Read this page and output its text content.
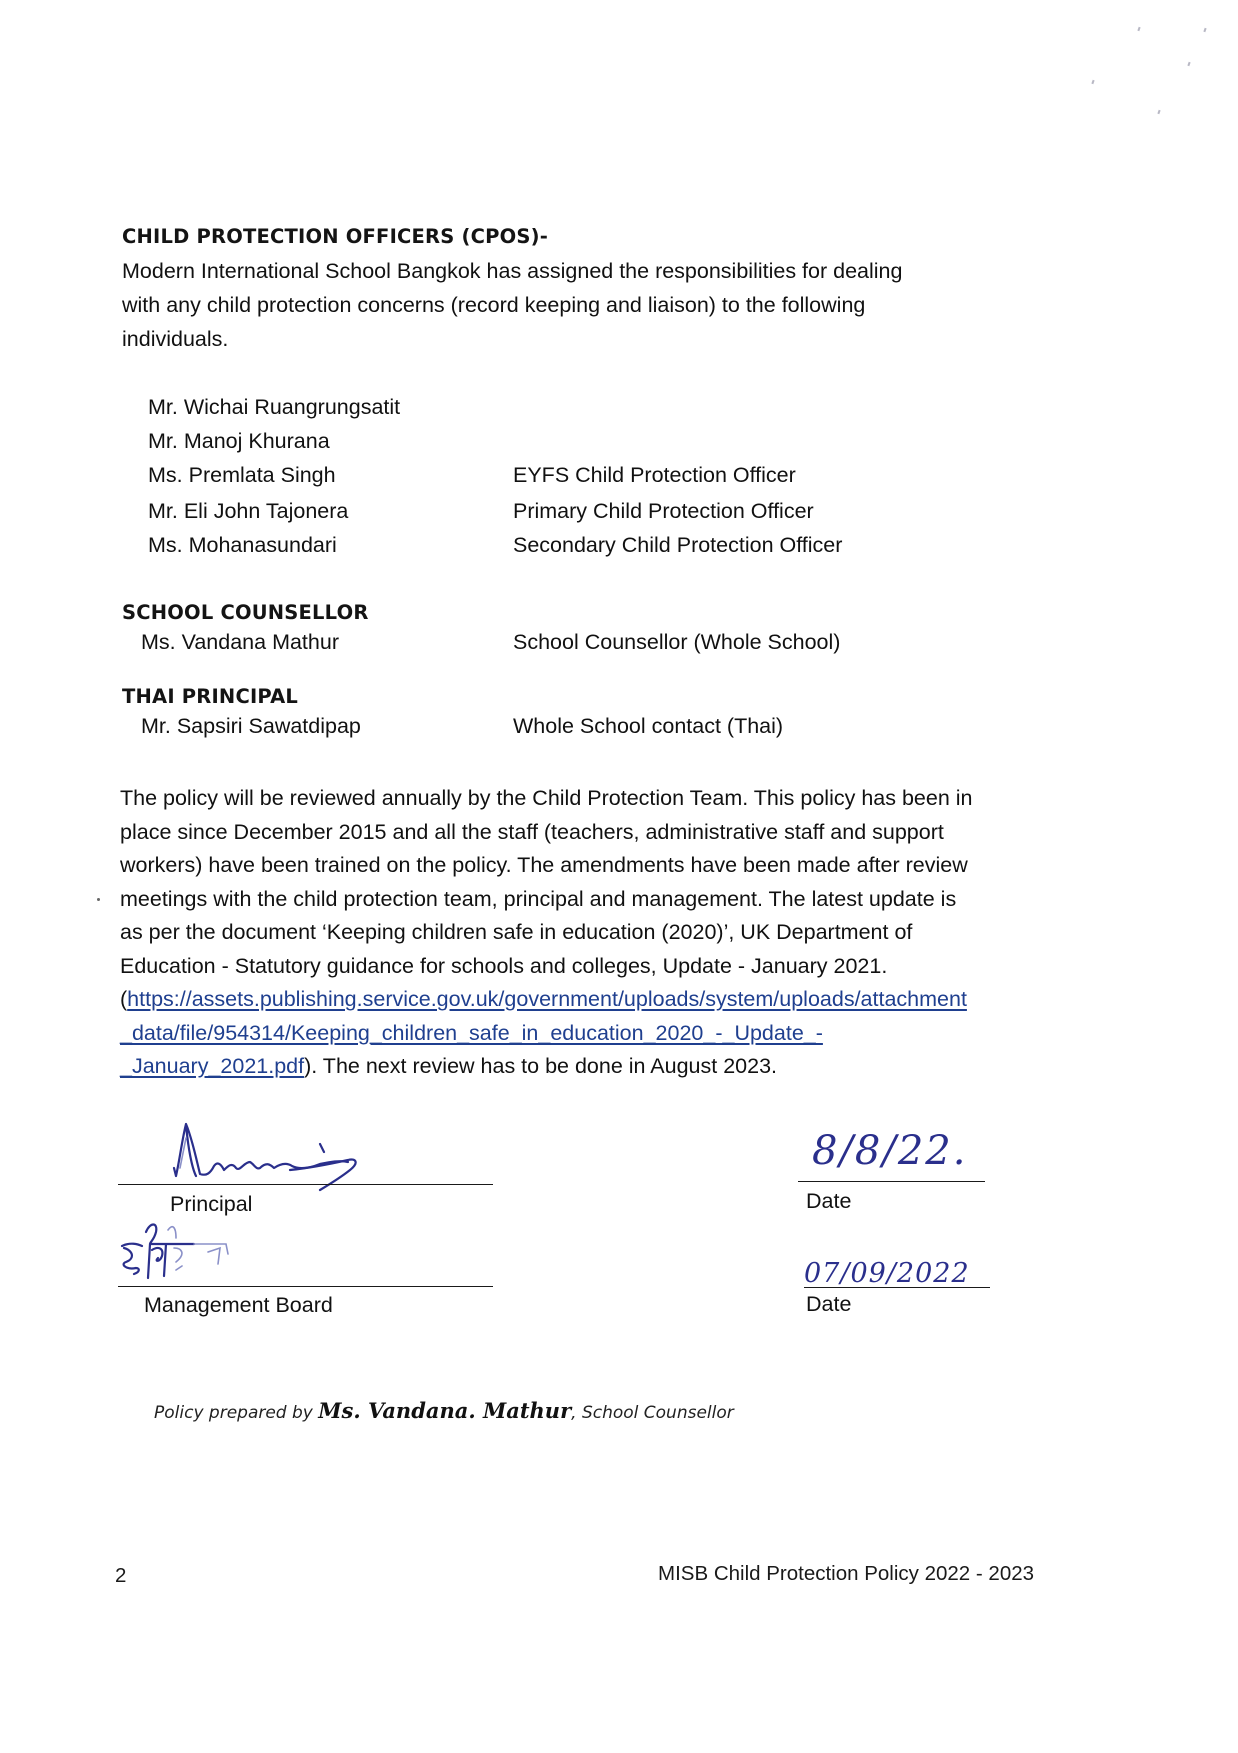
CHILD PROTECTION OFFICERS (CPOS)-
Modern International School Bangkok has assigned the responsibilities for dealing
with any child protection concerns (record keeping and liaison) to the following
individuals.
Mr. Wichai Ruangrungsatit
Mr. Manoj Khurana
Ms. Premlata Singh	EYFS Child Protection Officer
Mr. Eli John Tajonera	Primary Child Protection Officer
Ms. Mohanasundari	Secondary Child Protection Officer
SCHOOL COUNSELLOR
Ms. Vandana Mathur	School Counsellor (Whole School)
THAI PRINCIPAL
Mr. Sapsiri Sawatdipap	Whole School contact (Thai)
The policy will be reviewed annually by the Child Protection Team. This policy has been in
place since December 2015 and all the staff (teachers, administrative staff and support
workers) have been trained on the policy. The amendments have been made after review
meetings with the child protection team, principal and management. The latest update is
as per the document ‘Keeping children safe in education (2020)’, UK Department of
Education - Statutory guidance for schools and colleges, Update - January 2021.
(https://assets.publishing.service.gov.uk/government/uploads/system/uploads/attachment
_data/file/954314/Keeping_children_safe_in_education_2020_-_Update_-
_January_2021.pdf). The next review has to be done in August 2023.
Principal
Management Board
8/8/22.
Date
07/09/2022
Date
Policy prepared by Ms. Vandana. Mathur, School Counsellor
2	MISB Child Protection Policy 2022 - 2023
